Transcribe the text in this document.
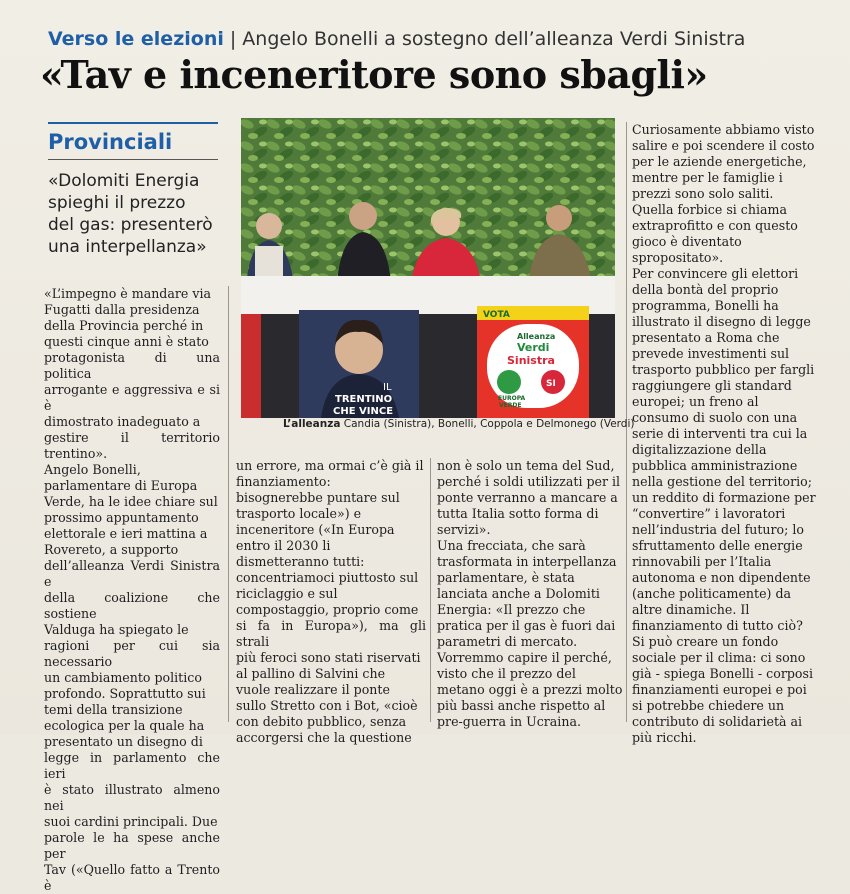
Verso le elezioni | Angelo Bonelli a sostegno dell’alleanza Verdi Sinistra
«Tav e inceneritore sono sbagli»
Provinciali
«Dolomiti Energia
spieghi il prezzo
del gas: presenterò
una interpellanza»
«L’impegno è mandare via
Fugatti dalla presidenza
della Provincia perché in
questi cinque anni è stato
protagonista di una politica
arrogante e aggressiva e si è
dimostrato inadeguato a
gestire il territorio trentino».
Angelo Bonelli,
parlamentare di Europa
Verde, ha le idee chiare sul
prossimo appuntamento
elettorale e ieri mattina a
Rovereto, a supporto
dell’alleanza Verdi Sinistra e
della coalizione che sostiene
Valduga ha spiegato le
ragioni per cui sia necessario
un cambiamento politico
profondo. Soprattutto sui
temi della transizione
ecologica per la quale ha
presentato un disegno di
legge in parlamento che ieri
è stato illustrato almeno nei
suoi cardini principali. Due
parole le ha spese anche per
Tav («Quello fatto a Trento è
un errore, ma ormai c’è già il
finanziamento:
bisognerebbe puntare sul
trasporto locale») e
inceneritore («In Europa
entro il 2030 li
dismetteranno tutti:
concentriamoci piuttosto sul
riciclaggio e sul
compostaggio, proprio come
si fa in Europa»), ma gli strali
più feroci sono stati riservati
al pallino di Salvini che
vuole realizzare il ponte
sullo Stretto con i Bot, «cioè
con debito pubblico, senza
accorgersi che la questione
non è solo un tema del Sud,
perché i soldi utilizzati per il
ponte verranno a mancare a
tutta Italia sotto forma di
servizi».
Una frecciata, che sarà
trasformata in interpellanza
parlamentare, è stata
lanciata anche a Dolomiti
Energia: «Il prezzo che
pratica per il gas è fuori dai
parametri di mercato.
Vorremmo capire il perché,
visto che il prezzo del
metano oggi è a prezzi molto
più bassi anche rispetto al
pre-guerra in Ucraina.
Curiosamente abbiamo visto
salire e poi scendere il costo
per le aziende energetiche,
mentre per le famiglie i
prezzi sono solo saliti.
Quella forbice si chiama
extraprofitto e con questo
gioco è diventato
spropositato».
Per convincere gli elettori
della bontà del proprio
programma, Bonelli ha
illustrato il disegno di legge
presentato a Roma che
prevede investimenti sul
trasporto pubblico per fargli
raggiungere gli standard
europei; un freno al
consumo di suolo con una
serie di interventi tra cui la
digitalizzazione della
pubblica amministrazione
nella gestione del territorio;
un reddito di formazione per
“convertire” i lavoratori
nell’industria del futuro; lo
sfruttamento delle energie
rinnovabili per l’Italia
autonoma e non dipendente
(anche politicamente) da
altre dinamiche. Il
finanziamento di tutto ciò?
Si può creare un fondo
sociale per il clima: ci sono
già - spiega Bonelli - corposi
finanziamenti europei e poi
si potrebbe chiedere un
contributo di solidarietà ai
più ricchi.
IL
TRENTINO
CHE VINCE
VOTA
Alleanza
Verdi
Sinistra
EUROPA
VERDE
SI
L’alleanza Candia (Sinistra), Bonelli, Coppola e Delmonego (Verdi)
